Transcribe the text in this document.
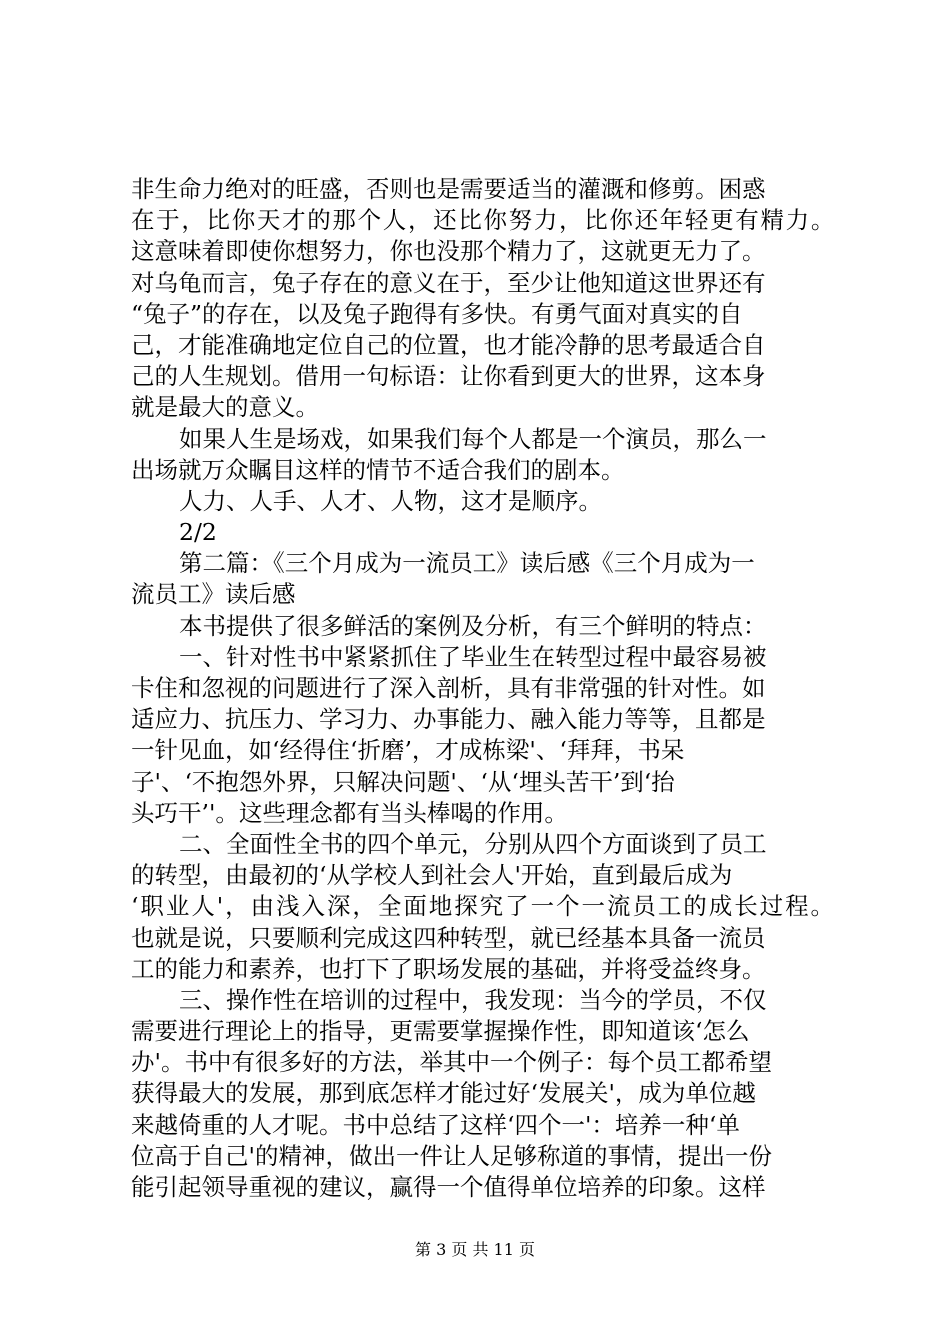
非生命力绝对的旺盛，否则也是需要适当的灌溉和修剪。困惑
在于，比你天才的那个人，还比你努力，比你还年轻更有精力。
这意味着即使你想努力，你也没那个精力了，这就更无力了。
对乌龟而言，兔子存在的意义在于，至少让他知道这世界还有
“兔子”的存在，以及兔子跑得有多快。有勇气面对真实的自
己，才能准确地定位自己的位置，也才能冷静的思考最适合自
己的人生规划。借用一句标语：让你看到更大的世界，这本身
就是最大的意义。
如果人生是场戏，如果我们每个人都是一个演员，那么一
出场就万众瞩目这样的情节不适合我们的剧本。
人力、人手、人才、人物，这才是顺序。
2/2
第二篇：《三个月成为一流员工》读后感《三个月成为一
流员工》读后感
本书提供了很多鲜活的案例及分析，有三个鲜明的特点：
一、针对性书中紧紧抓住了毕业生在转型过程中最容易被
卡住和忽视的问题进行了深入剖析，具有非常强的针对性。如
适应力、抗压力、学习力、办事能力、融入能力等等，且都是
一针见血，如‘经得住‘折磨’，才成栋梁'、‘拜拜，书呆
子'、‘不抱怨外界，只解决问题'、‘从‘埋头苦干’到‘抬
头巧干’'。这些理念都有当头棒喝的作用。
二、全面性全书的四个单元，分别从四个方面谈到了员工
的转型，由最初的‘从学校人到社会人'开始，直到最后成为
‘职业人'，由浅入深，全面地探究了一个一流员工的成长过程。
也就是说，只要顺利完成这四种转型，就已经基本具备一流员
工的能力和素养，也打下了职场发展的基础，并将受益终身。
三、操作性在培训的过程中，我发现：当今的学员，不仅
需要进行理论上的指导，更需要掌握操作性，即知道该‘怎么
办'。书中有很多好的方法，举其中一个例子：每个员工都希望
获得最大的发展，那到底怎样才能过好‘发展关'，成为单位越
来越倚重的人才呢。书中总结了这样‘四个一'：培养一种‘单
位高于自己'的精神，做出一件让人足够称道的事情，提出一份
能引起领导重视的建议，赢得一个值得单位培养的印象。这样
第 3 页 共 11 页
